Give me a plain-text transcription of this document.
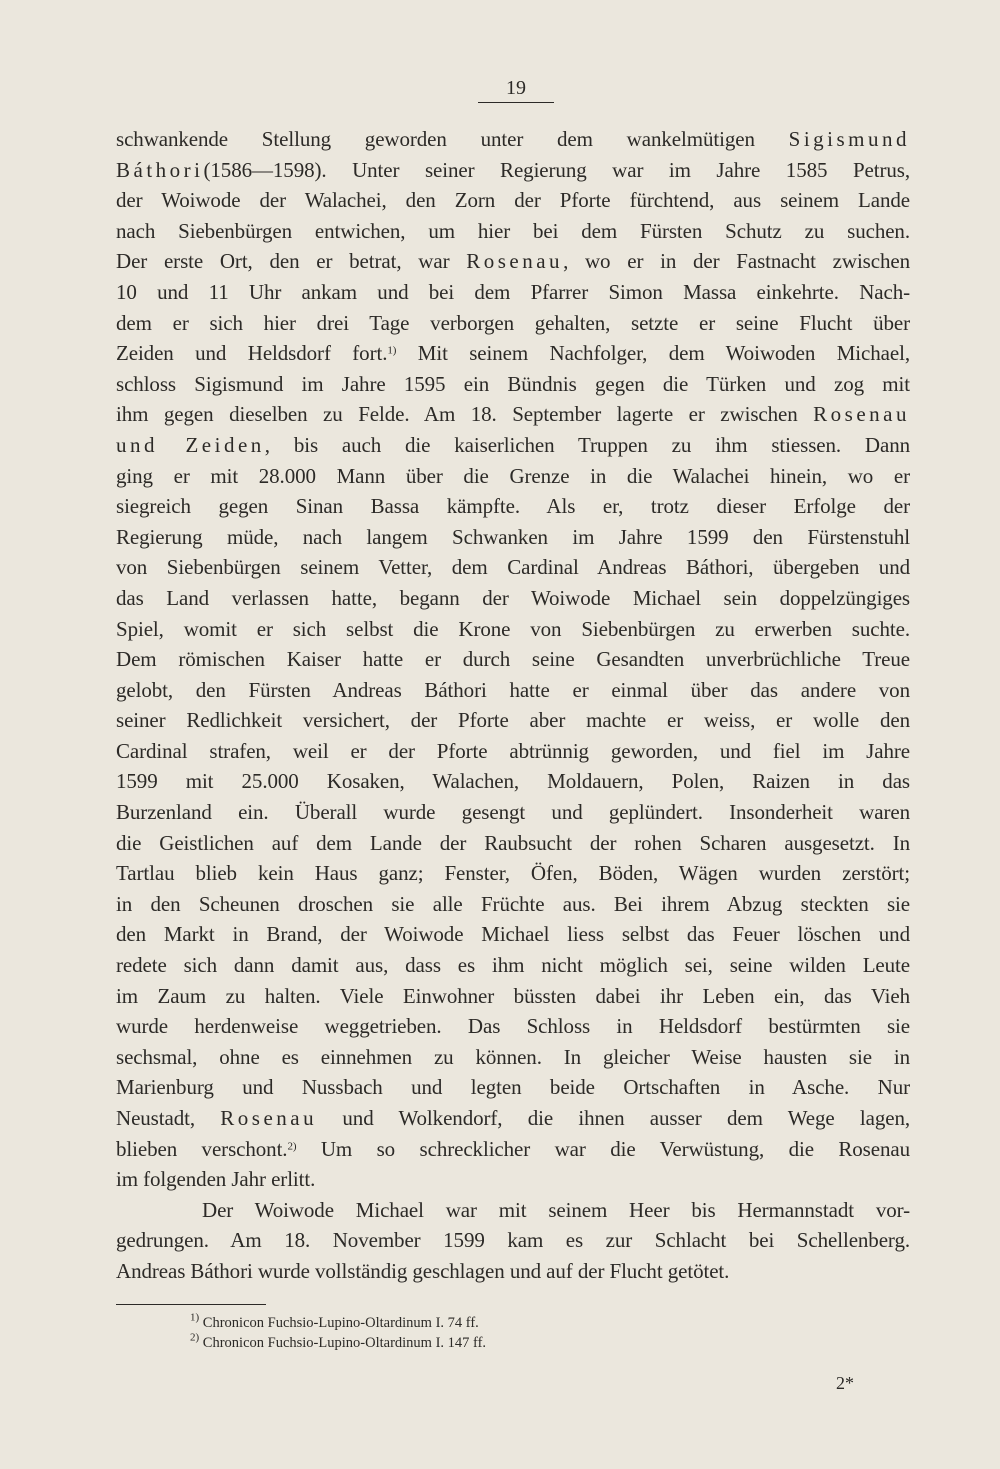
19

schwankende Stellung geworden unter dem wankelmütigen Sigismund
Báthori(1586—1598). Unter seiner Regierung war im Jahre 1585 Petrus,
der Woiwode der Walachei, den Zorn der Pforte fürchtend, aus seinem Lande
nach Siebenbürgen entwichen, um hier bei dem Fürsten Schutz zu suchen.
Der erste Ort, den er betrat, war Rosenau, wo er in der Fastnacht zwischen
10 und 11 Uhr ankam und bei dem Pfarrer Simon Massa einkehrte. Nach-
dem er sich hier drei Tage verborgen gehalten, setzte er seine Flucht über
Zeiden und Heldsdorf fort.$^{1)}$ Mit seinem Nachfolger, dem Woiwoden Michael,
schloss Sigismund im Jahre 1595 ein Bündnis gegen die Türken und zog mit
ihm gegen dieselben zu Felde. Am 18. September lagerte er zwischen Rosenau
und Zeiden, bis auch die kaiserlichen Truppen zu ihm stiessen. Dann
ging er mit 28.000 Mann über die Grenze in die Walachei hinein, wo er
siegreich gegen Sinan Bassa kämpfte. Als er, trotz dieser Erfolge der
Regierung müde, nach langem Schwanken im Jahre 1599 den Fürstenstuhl
von Siebenbürgen seinem Vetter, dem Cardinal Andreas Báthori, übergeben und
das Land verlassen hatte, begann der Woiwode Michael sein doppelzüngiges
Spiel, womit er sich selbst die Krone von Siebenbürgen zu erwerben suchte.
Dem römischen Kaiser hatte er durch seine Gesandten unverbrüchliche Treue
gelobt, den Fürsten Andreas Báthori hatte er einmal über das andere von
seiner Redlichkeit versichert, der Pforte aber machte er weiss, er wolle den
Cardinal strafen, weil er der Pforte abtrünnig geworden, und fiel im Jahre
1599 mit 25.000 Kosaken, Walachen, Moldauern, Polen, Raizen in das
Burzenland ein. Überall wurde gesengt und geplündert. Insonderheit waren
die Geistlichen auf dem Lande der Raubsucht der rohen Scharen ausgesetzt. In
Tartlau blieb kein Haus ganz; Fenster, Öfen, Böden, Wägen wurden zerstört;
in den Scheunen droschen sie alle Früchte aus. Bei ihrem Abzug steckten sie
den Markt in Brand, der Woiwode Michael liess selbst das Feuer löschen und
redete sich dann damit aus, dass es ihm nicht möglich sei, seine wilden Leute
im Zaum zu halten. Viele Einwohner büssten dabei ihr Leben ein, das Vieh
wurde herdenweise weggetrieben. Das Schloss in Heldsdorf bestürmten sie
sechsmal, ohne es einnehmen zu können. In gleicher Weise hausten sie in
Marienburg und Nussbach und legten beide Ortschaften in Asche. Nur
Neustadt, Rosenau und Wolkendorf, die ihnen ausser dem Wege lagen,
blieben verschont.$^{2)}$ Um so schrecklicher war die Verwüstung, die Rosenau
im folgenden Jahr erlitt.

Der Woiwode Michael war mit seinem Heer bis Hermannstadt vor-
gedrungen. Am 18. November 1599 kam es zur Schlacht bei Schellenberg.
Andreas Báthori wurde vollständig geschlagen und auf der Flucht getötet.

$^{1)}$ Chronicon Fuchsio-Lupino-Oltardinum I. 74 ff.
$^{2)}$ Chronicon Fuchsio-Lupino-Oltardinum I. 147 ff.
2*
